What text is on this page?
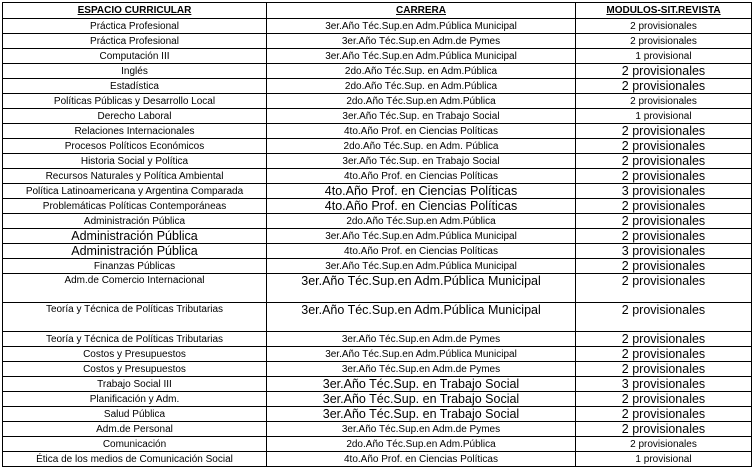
ESPACIO CURRICULAR	CARRERA	MODULOS-SIT.REVISTA
Práctica Profesional	3er.Año Téc.Sup.en Adm.Pública Municipal	2 provisionales
Práctica Profesional	3er.Año Téc.Sup.en Adm.de Pymes	2 provisionales
Computación III	3er.Año Téc.Sup.en Adm.Pública Municipal	1 provisional
Inglés	2do.Año Téc.Sup. en Adm.Pública	2 provisionales
Estadística	2do.Año Téc.Sup. en Adm.Pública	2 provisionales
Políticas Públicas y Desarrollo Local	2do.Año Téc.Sup.en Adm.Pública	2 provisionales
Derecho Laboral	3er.Año Téc.Sup. en Trabajo Social	1 provisional
Relaciones Internacionales	4to.Año Prof. en Ciencias Políticas	2 provisionales
Procesos Políticos Económicos	2do.Año Téc.Sup. en Adm. Pública	2 provisionales
Historia Social y Política	3er.Año Téc.Sup. en Trabajo Social	2 provisionales
Recursos Naturales y Política Ambiental	4to.Año Prof. en Ciencias Políticas	2 provisionales
Política Latinoamericana y Argentina Comparada	4to.Año Prof. en Ciencias Políticas	3 provisionales
Problemáticas Políticas Contemporáneas	4to.Año Prof. en Ciencias Políticas	2 provisionales
Administración Pública	2do.Año Téc.Sup.en Adm.Pública	2 provisionales
Administración Pública	3er.Año Téc.Sup.en Adm.Pública Municipal	2 provisionales
Administración Pública	4to.Año Prof. en Ciencias Políticas	3 provisionales
Finanzas Públicas	3er.Año Téc.Sup.en Adm.Pública Municipal	2 provisionales
Adm.de Comercio Internacional	3er.Año Téc.Sup.en Adm.Pública Municipal	2 provisionales
Teoría y Técnica de Políticas Tributarias	3er.Año Téc.Sup.en Adm.Pública Municipal	2 provisionales
Teoría y Técnica de Políticas Tributarias	3er.Año Téc.Sup.en Adm.de Pymes	2 provisionales
Costos y Presupuestos	3er.Año Téc.Sup.en Adm.Pública Municipal	2 provisionales
Costos y Presupuestos	3er.Año Téc.Sup.en Adm.de Pymes	2 provisionales
Trabajo Social III	3er.Año Téc.Sup. en Trabajo Social	3 provisionales
Planificación y Adm.	3er.Año Téc.Sup. en Trabajo Social	2 provisionales
Salud Pública	3er.Año Téc.Sup. en Trabajo Social	2 provisionales
Adm.de Personal	3er.Año Téc.Sup.en Adm.de Pymes	2 provisionales
Comunicación	2do.Año Téc.Sup.en Adm.Pública	2 provisionales
Ética de los medios de Comunicación Social	4to.Año Prof. en Ciencias Políticas	1 provisional
